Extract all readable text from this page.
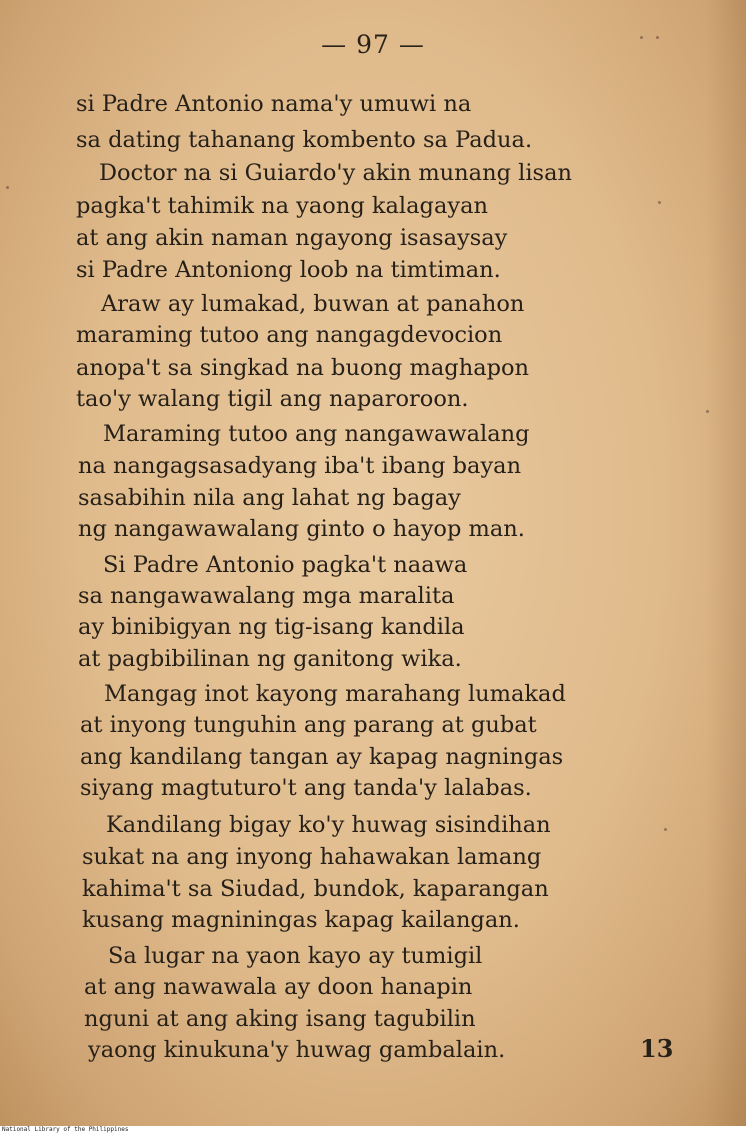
— 97 —
si Padre Antonio nama'y umuwi na
sa dating tahanang kombento sa Padua.
Doctor na si Guiardo'y akin munang lisan
pagka't tahimik na yaong kalagayan
at ang akin naman ngayong isasaysay
si Padre Antoniong loob na timtiman.
Araw ay lumakad, buwan at panahon
maraming tutoo ang nangagdevocion
anopa't sa singkad na buong maghapon
tao'y walang tigil ang naparoroon.
Maraming tutoo ang nangawawalang
na nangagsasadyang iba't ibang bayan
sasabihin nila ang lahat ng bagay
ng nangawawalang ginto o hayop man.
Si Padre Antonio pagka't naawa
sa nangawawalang mga maralita
ay binibigyan ng tig-isang kandila
at pagbibilinan ng ganitong wika.
Mangag inot kayong marahang lumakad
at inyong tunguhin ang parang at gubat
ang kandilang tangan ay kapag nagningas
siyang magtuturo't ang tanda'y lalabas.
Kandilang bigay ko'y huwag sisindihan
sukat na ang inyong hahawakan lamang
kahima't sa Siudad, bundok, kaparangan
kusang magniningas kapag kailangan.
Sa lugar na yaon kayo ay tumigil
at ang nawawala ay doon hanapin
nguni at ang aking isang tagubilin
yaong kinukuna'y huwag gambalain.	13
National Library of the Philippines
